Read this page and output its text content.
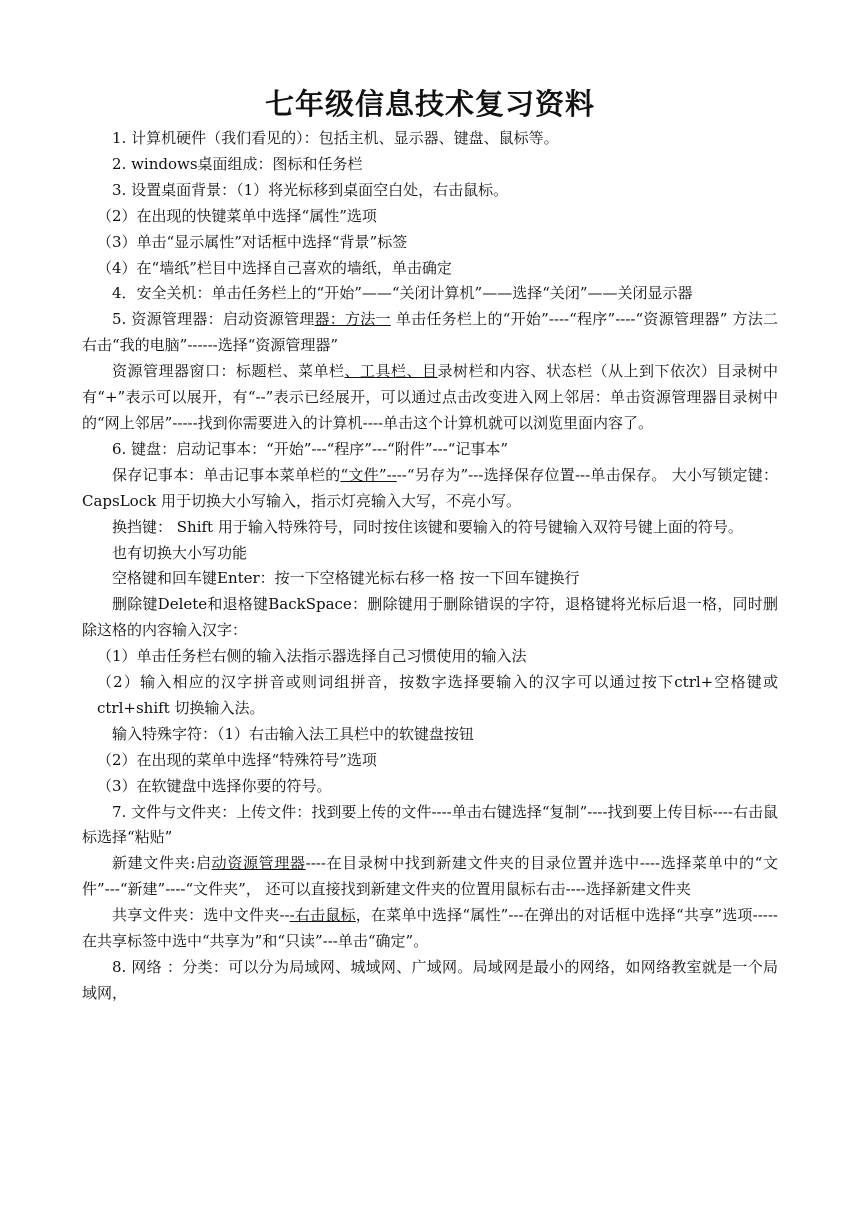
七年级信息技术复习资料

1. 计算机硬件（我们看见的）：包括主机、显示器、键盘、鼠标等。

2. windows桌面组成：图标和任务栏

3. 设置桌面背景：（1）将光标移到桌面空白处，右击鼠标。

（2）在出现的快键菜单中选择“属性”选项

（3）单击“显示属性”对话框中选择“背景”标签

（4）在“墙纸”栏目中选择自己喜欢的墙纸，单击确定

4．安全关机：单击任务栏上的“开始”——“关闭计算机”——选择“关闭”——关闭显示器

5. 资源管理器：启动资源管理器：方法一 单击任务栏上的“开始”----“程序”----“资源管理器” 方法二 右击“我的电脑”------选择“资源管理器”

资源管理器窗口：标题栏、菜单栏、工具栏、目录树栏和内容、状态栏（从上到下依次）目录树中有“+”表示可以展开，有“--”表示已经展开，可以通过点击改变进入网上邻居：单击资源管理器目录树中的“网上邻居”-----找到你需要进入的计算机----单击这个计算机就可以浏览里面内容了。

6. 键盘：启动记事本：“开始”---“程序”---“附件”---“记事本”

保存记事本：单击记事本菜单栏的“文件”----“另存为”---选择保存位置---单击保存。 大小写锁定键：CapsLock 用于切换大小写输入，指示灯亮输入大写，不亮小写。

换挡键： Shift 用于输入特殊符号，同时按住该键和要输入的符号键输入双符号键上面的符号。

也有切换大小写功能

空格键和回车键Enter：按一下空格键光标右移一格 按一下回车键换行

删除键Delete和退格键BackSpace：删除键用于删除错误的字符，退格键将光标后退一格，同时删除这格的内容输入汉字：

（1）单击任务栏右侧的输入法指示器选择自己习惯使用的输入法

（2）输入相应的汉字拼音或则词组拼音，按数字选择要输入的汉字可以通过按下ctrl+空格键或ctrl+shift 切换输入法。

输入特殊字符：（1）右击输入法工具栏中的软键盘按钮

（2）在出现的菜单中选择“特殊符号”选项

（3）在软键盘中选择你要的符号。

7. 文件与文件夹：上传文件：找到要上传的文件----单击右键选择“复制”----找到要上传目标----右击鼠标选择“粘贴”

新建文件夹:启动资源管理器----在目录树中找到新建文件夹的目录位置并选中----选择菜单中的“文件”---“新建”----“文件夹”， 还可以直接找到新建文件夹的位置用鼠标右击----选择新建文件夹

共享文件夹：选中文件夹---右击鼠标，在菜单中选择“属性”---在弹出的对话框中选择“共享”选项-----在共享标签中选中“共享为”和“只读”---单击“确定”。

8. 网络 ：分类：可以分为局域网、城域网、广域网。局域网是最小的网络，如网络教室就是一个局域网，
